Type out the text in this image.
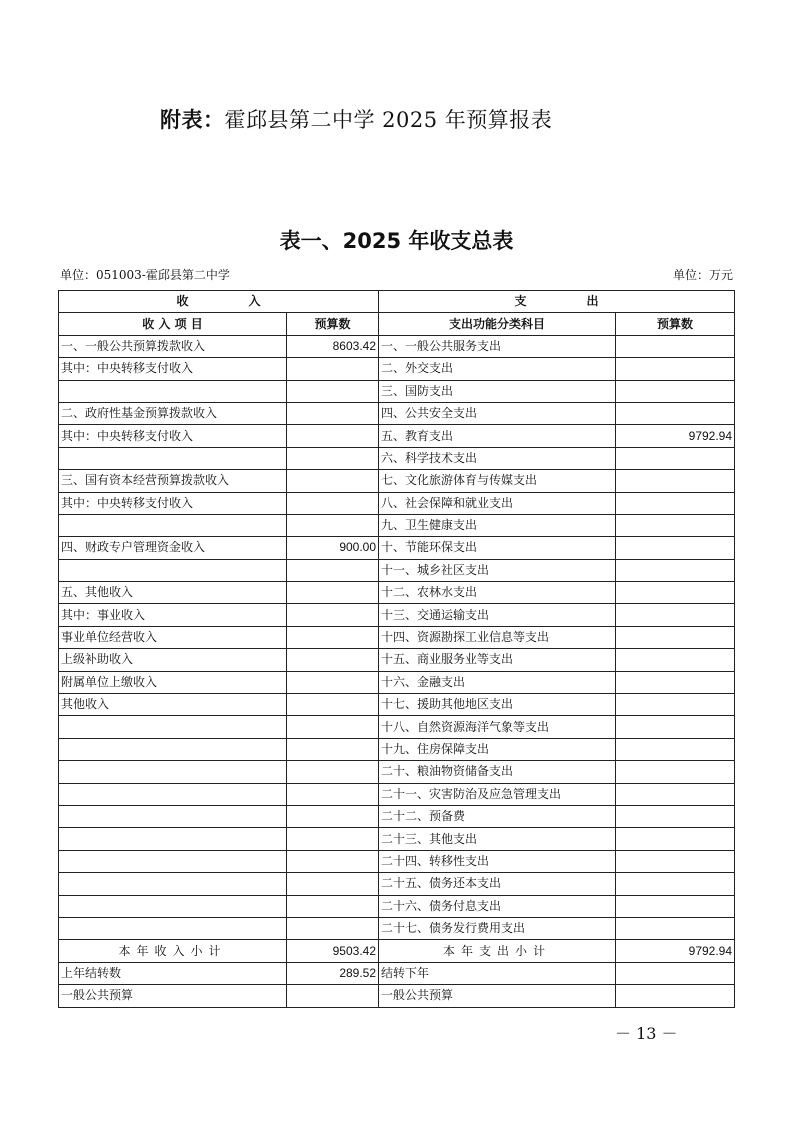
附表：霍邱县第二中学 2025 年预算报表
表一、2025 年收支总表
单位：051003-霍邱县第二中学	单位：万元
收　　　　　入		支　　　　　出	
收 入 项 目	预算数	支出功能分类科目	预算数
一、一般公共预算拨款收入	8603.42	一、一般公共服务支出	
其中：中央转移支付收入		二、外交支出	
		三、国防支出	
二、政府性基金预算拨款收入		四、公共安全支出	
其中：中央转移支付收入		五、教育支出	9792.94
		六、科学技术支出	
三、国有资本经营预算拨款收入		七、文化旅游体育与传媒支出	
其中：中央转移支付收入		八、社会保障和就业支出	
		九、卫生健康支出	
四、财政专户管理资金收入	900.00	十、节能环保支出	
		十一、城乡社区支出	
五、其他收入		十二、农林水支出	
其中：事业收入		十三、交通运输支出	
事业单位经营收入		十四、资源勘探工业信息等支出	
上级补助收入		十五、商业服务业等支出	
附属单位上缴收入		十六、金融支出	
其他收入		十七、援助其他地区支出	
		十八、自然资源海洋气象等支出	
		十九、住房保障支出	
		二十、粮油物资储备支出	
		二十一、灾害防治及应急管理支出	
		二十二、预备费	
		二十三、其他支出	
		二十四、转移性支出	
		二十五、债务还本支出	
		二十六、债务付息支出	
		二十七、债务发行费用支出	
本年收入小计	9503.42	本年支出小计	9792.94
上年结转数	289.52	结转下年	
一般公共预算		一般公共预算	
－ 13 －
